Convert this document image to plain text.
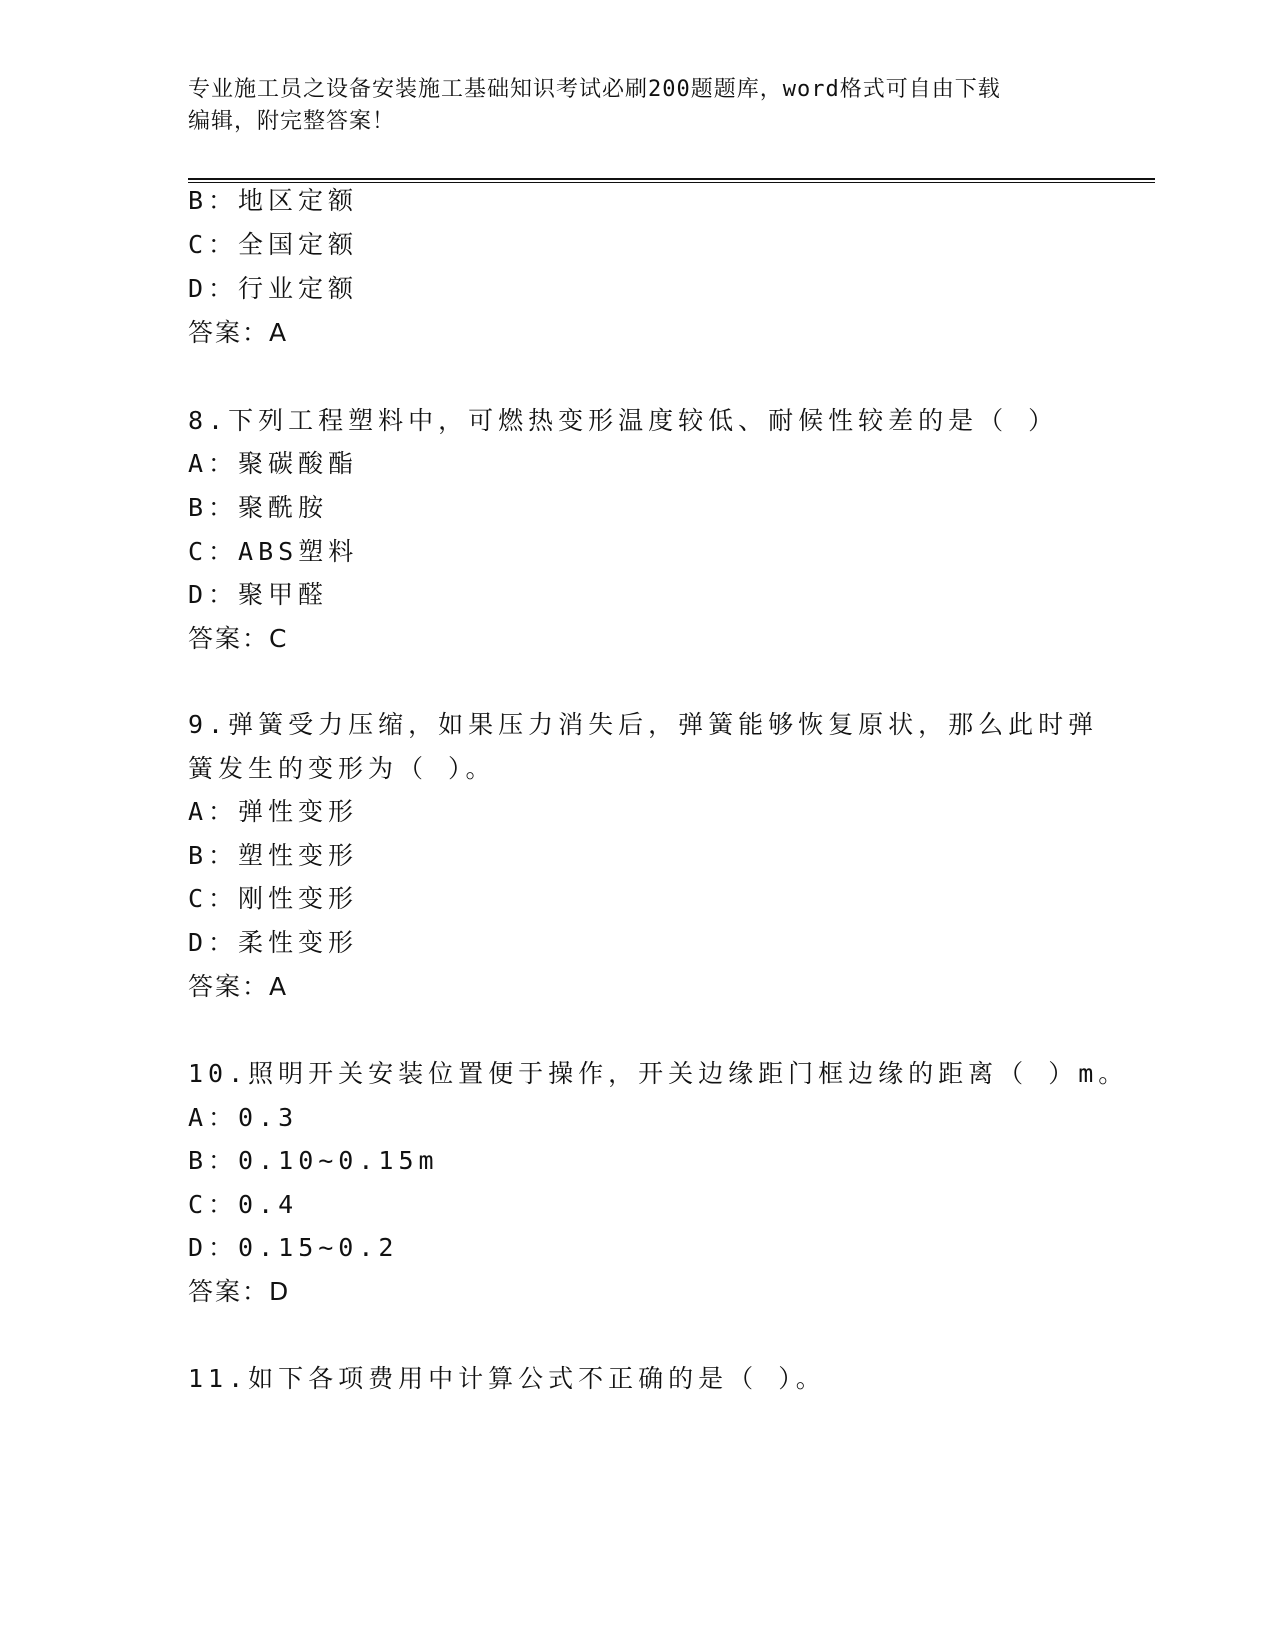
专业施工员之设备安装施工基础知识考试必刷200题题库，word格式可自由下载
编辑，附完整答案！
B：地区定额
C：全国定额
D：行业定额
答案：A
8.下列工程塑料中，可燃热变形温度较低、耐候性较差的是（ ）
A：聚碳酸酯
B：聚酰胺
C：ABS塑料
D：聚甲醛
答案：C
9.弹簧受力压缩，如果压力消失后，弹簧能够恢复原状，那么此时弹
簧发生的变形为（ ）。
A：弹性变形
B：塑性变形
C：刚性变形
D：柔性变形
答案：A
10.照明开关安装位置便于操作，开关边缘距门框边缘的距离（ ）m。
A：0.3
B：0.10~0.15m
C：0.4
D：0.15~0.2
答案：D
11.如下各项费用中计算公式不正确的是（ ）。
